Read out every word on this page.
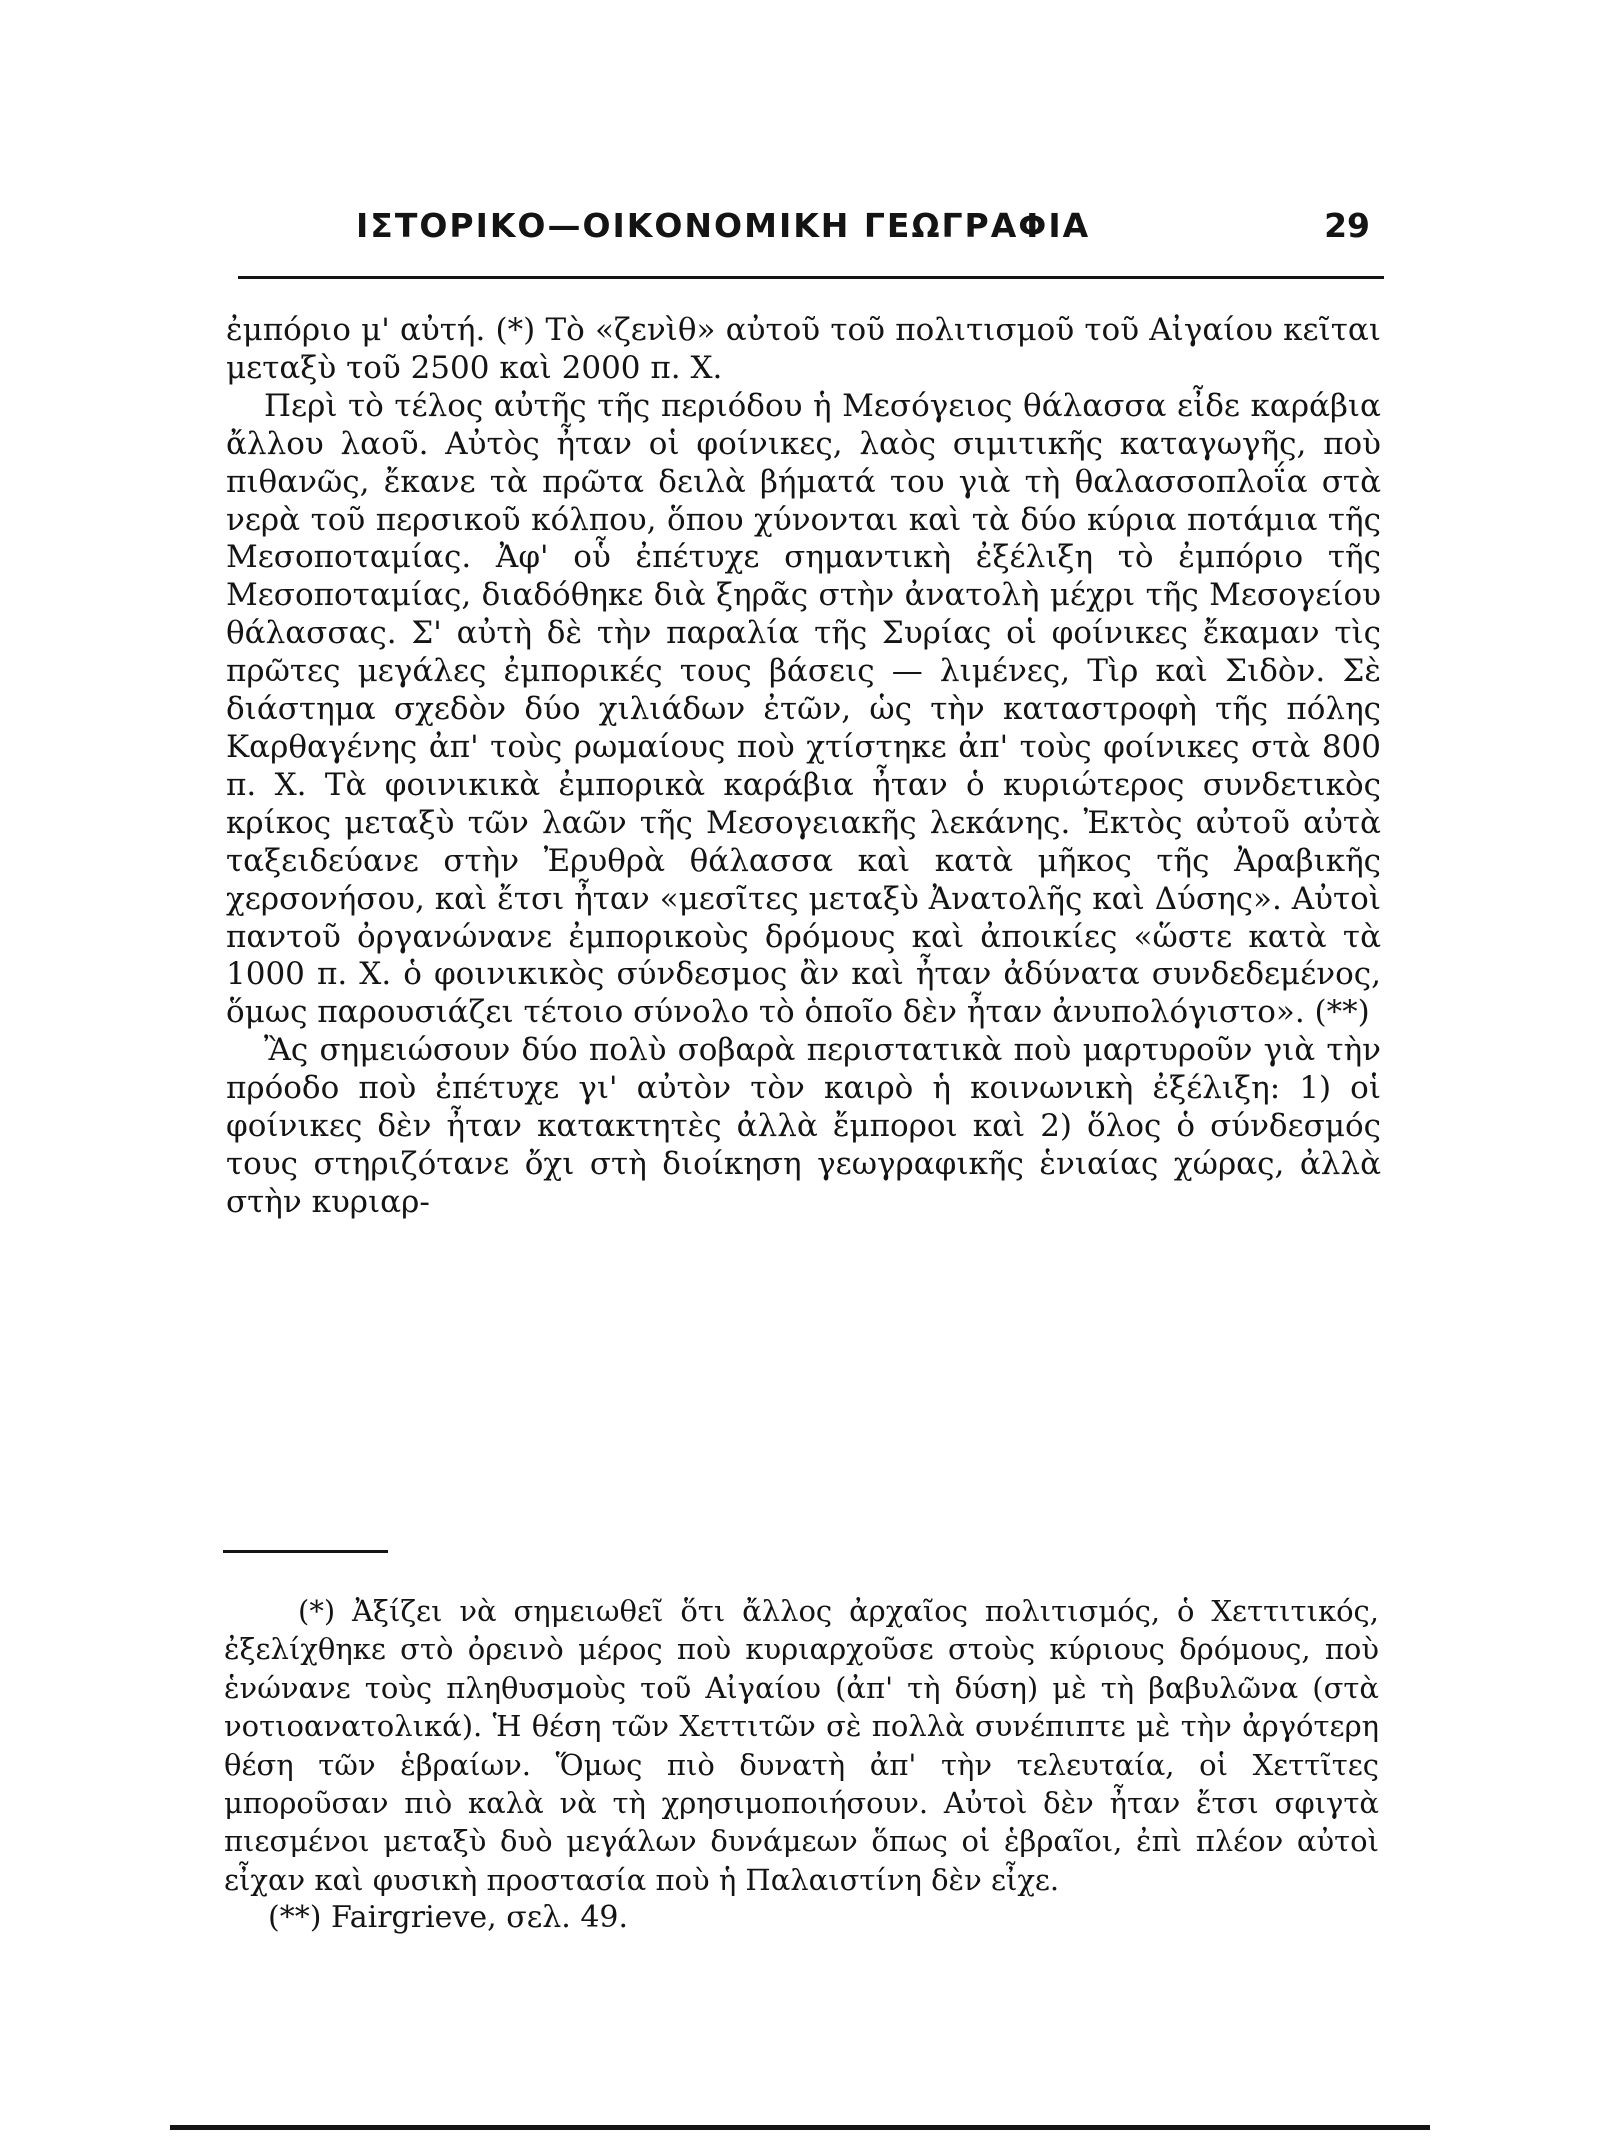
ΙΣΤΟΡΙΚΟ—ΟΙΚΟΝΟΜΙΚΗ ΓΕΩΓΡΑΦΙΑ	29

ἐμπόριο μ' αὐτή. (*) Τὸ «ζενὶθ» αὐτοῦ τοῦ πολιτισμοῦ τοῦ Αἰγαίου κεῖται μεταξὺ τοῦ 2500 καὶ 2000 π. Χ.

Περὶ τὸ τέλος αὐτῆς τῆς περιόδου ἡ Μεσόγειος θάλασσα εἶδε καράβια ἄλλου λαοῦ. Αὐτὸς ἦταν οἱ φοίνικες, λαὸς σιμιτικῆς καταγωγῆς, ποὺ πιθανῶς, ἔκανε τὰ πρῶτα δειλὰ βήματά του γιὰ τὴ θαλασσοπλοΐα στὰ νερὰ τοῦ περσικοῦ κόλπου, ὅπου χύνονται καὶ τὰ δύο κύρια ποτάμια τῆς Μεσοποταμίας. Ἀφ' οὗ ἐπέτυχε σημαντικὴ ἐξέλιξη τὸ ἐμπόριο τῆς Μεσοποταμίας, διαδόθηκε διὰ ξηρᾶς στὴν ἀνατολὴ μέχρι τῆς Μεσογείου θάλασσας. Σ' αὐτὴ δὲ τὴν παραλία τῆς Συρίας οἱ φοίνικες ἔκαμαν τὶς πρῶτες μεγάλες ἐμπορικές τους βάσεις — λιμένες, Τὶρ καὶ Σιδὸν. Σὲ διάστημα σχεδὸν δύο χιλιάδων ἐτῶν, ὡς τὴν καταστροφὴ τῆς πόλης Καρθαγένης ἀπ' τοὺς ρωμαίους ποὺ χτίστηκε ἀπ' τοὺς φοίνικες στὰ 800 π. Χ. Τὰ φοινικικὰ ἐμπορικὰ καράβια ἦταν ὁ κυριώτερος συνδετικὸς κρίκος μεταξὺ τῶν λαῶν τῆς Μεσογειακῆς λεκάνης. Ἐκτὸς αὐτοῦ αὐτὰ ταξειδεύανε στὴν Ἐρυθρὰ θάλασσα καὶ κατὰ μῆκος τῆς Ἀραβικῆς χερσονήσου, καὶ ἔτσι ἦταν «μεσῖτες μεταξὺ Ἀνατολῆς καὶ Δύσης». Αὐτοὶ παντοῦ ὀργανώνανε ἐμπορικοὺς δρόμους καὶ ἀποικίες «ὥστε κατὰ τὰ 1000 π. Χ. ὁ φοινικικὸς σύνδεσμος ἂν καὶ ἦταν ἀδύνατα συνδεδεμένος, ὅμως παρουσιάζει τέτοιο σύνολο τὸ ὁποῖο δὲν ἦταν ἀνυπολόγιστο». (**)

Ἂς σημειώσουν δύο πολὺ σοβαρὰ περιστατικὰ ποὺ μαρτυροῦν γιὰ τὴν πρόοδο ποὺ ἐπέτυχε γι' αὐτὸν τὸν καιρὸ ἡ κοινωνικὴ ἐξέλιξη: 1) οἱ φοίνικες δὲν ἦταν κατακτητὲς ἀλλὰ ἔμποροι καὶ 2) ὅλος ὁ σύνδεσμός τους στηριζότανε ὄχι στὴ διοίκηση γεωγραφικῆς ἑνιαίας χώρας, ἀλλὰ στὴν κυριαρ-

(*) Ἀξίζει νὰ σημειωθεῖ ὅτι ἄλλος ἀρχαῖος πολιτισμός, ὁ Χεττιτικός, ἐξελίχθηκε στὸ ὀρεινὸ μέρος ποὺ κυριαρχοῦσε στοὺς κύριους δρόμους, ποὺ ἑνώνανε τοὺς πληθυσμοὺς τοῦ Αἰγαίου (ἀπ' τὴ δύση) μὲ τὴ βαβυλῶνα (στὰ νοτιοανατολικά). Ἡ θέση τῶν Χεττιτῶν σὲ πολλὰ συνέπιπτε μὲ τὴν ἀργότερη θέση τῶν ἑβραίων. Ὅμως πιὸ δυνατὴ ἀπ' τὴν τελευταία, οἱ Χεττῖτες μποροῦσαν πιὸ καλὰ νὰ τὴ χρησιμοποιήσουν. Αὐτοὶ δὲν ἦταν ἔτσι σφιγτὰ πιεσμένοι μεταξὺ δυὸ μεγάλων δυνάμεων ὅπως οἱ ἑβραῖοι, ἐπὶ πλέον αὐτοὶ εἶχαν καὶ φυσικὴ προστασία ποὺ ἡ Παλαιστίνη δὲν εἶχε.

(**) Fairgrieve, σελ. 49.
